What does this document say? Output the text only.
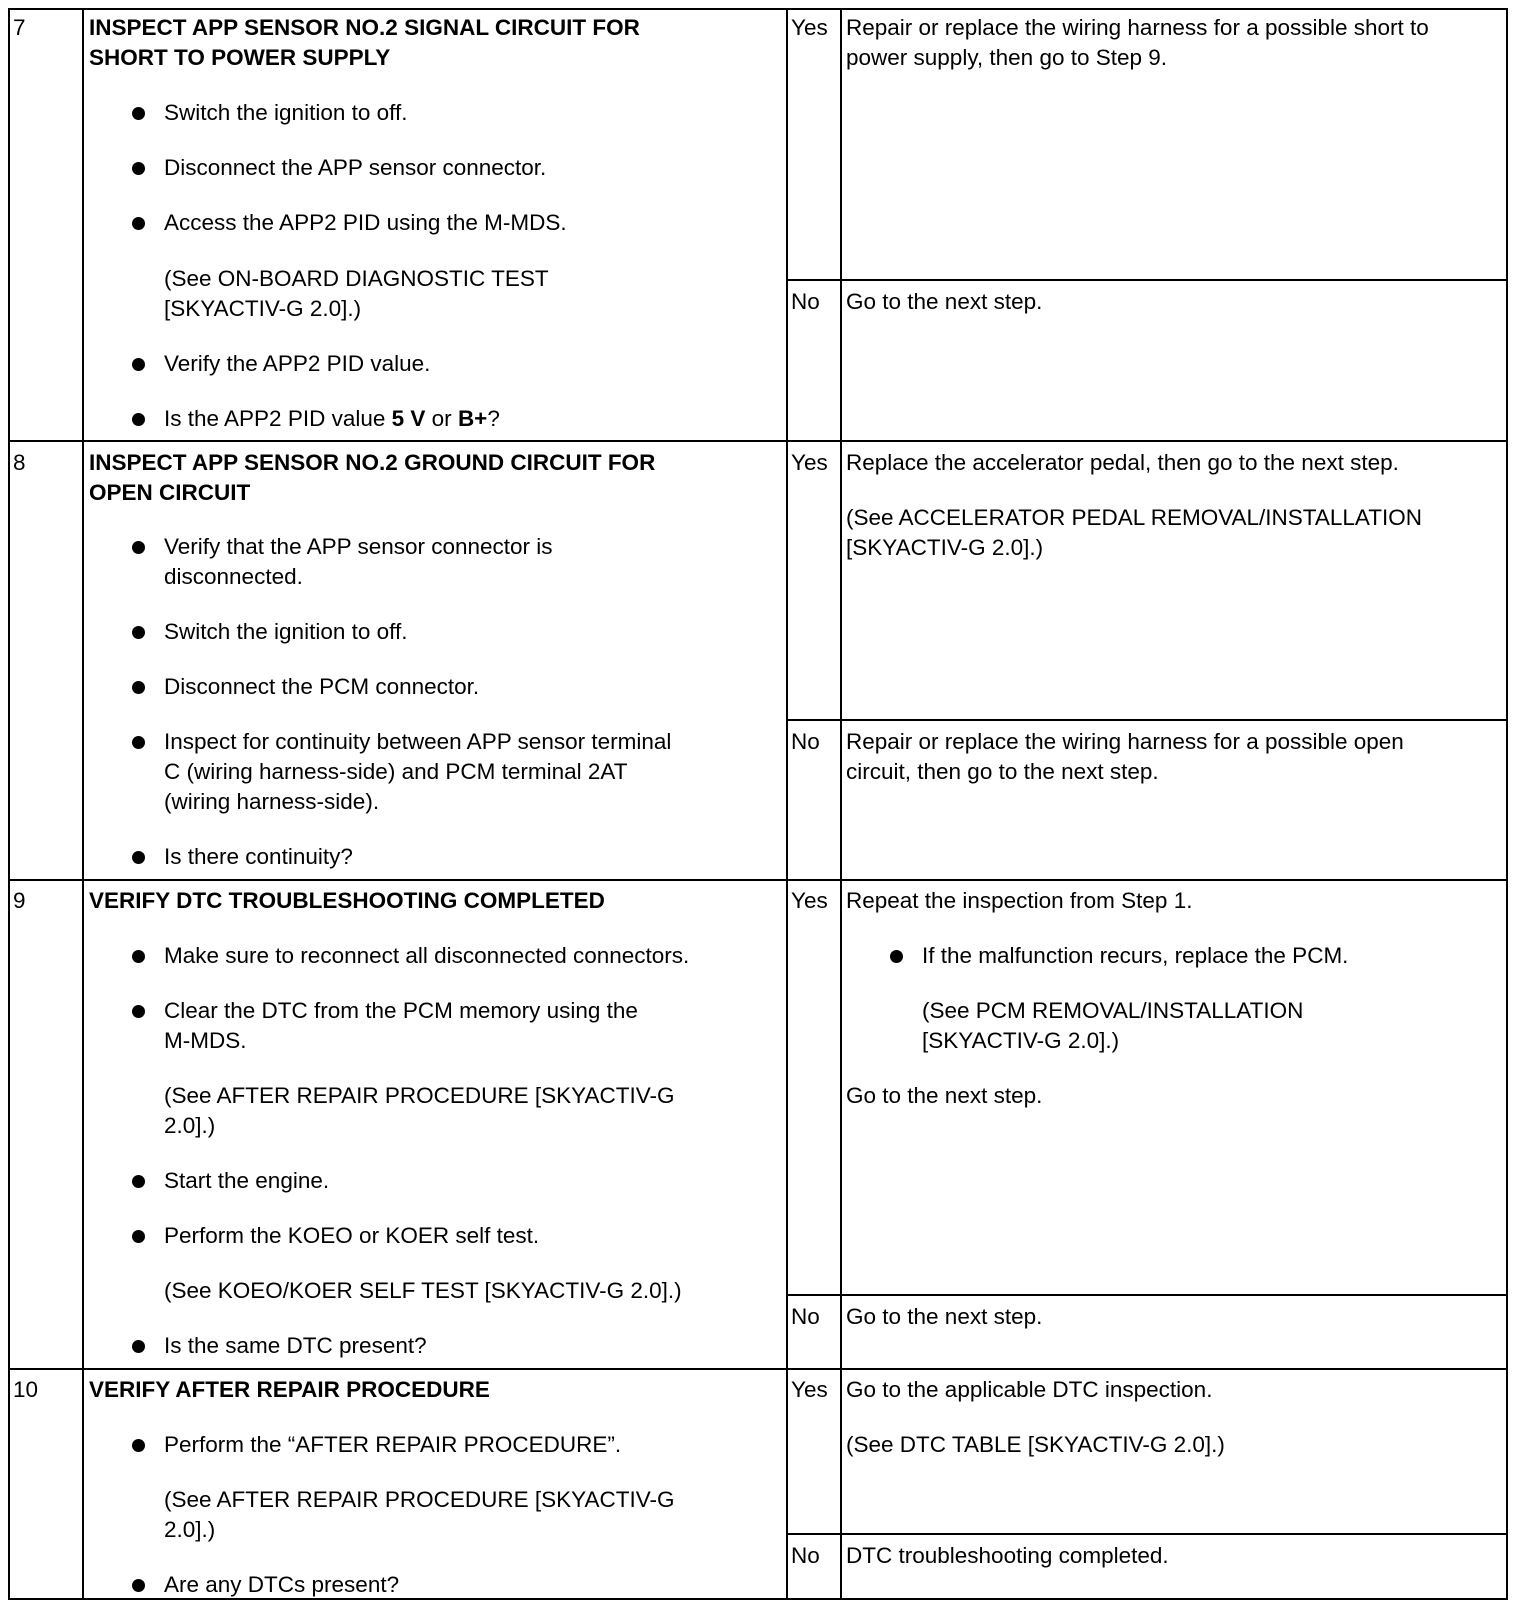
7	INSPECT APP SENSOR NO.2 SIGNAL CIRCUIT FOR
SHORT TO POWER SUPPLY
Switch the ignition to off.
Disconnect the APP sensor connector.
Access the APP2 PID using the M-MDS.
(See ON-BOARD DIAGNOSTIC TEST
[SKYACTIV-G 2.0].)
Verify the APP2 PID value.
Is the APP2 PID value 5 V or B+?
Yes Repair or replace the wiring harness for a possible short to
power supply, then go to Step 9.
No Go to the next step.
8	INSPECT APP SENSOR NO.2 GROUND CIRCUIT FOR
OPEN CIRCUIT
Verify that the APP sensor connector is
disconnected.
Switch the ignition to off.
Disconnect the PCM connector.
Inspect for continuity between APP sensor terminal
C (wiring harness-side) and PCM terminal 2AT
(wiring harness-side).
Is there continuity?
Yes Replace the accelerator pedal, then go to the next step.
(See ACCELERATOR PEDAL REMOVAL/INSTALLATION
[SKYACTIV-G 2.0].)
No Repair or replace the wiring harness for a possible open
circuit, then go to the next step.
9	VERIFY DTC TROUBLESHOOTING COMPLETED
Make sure to reconnect all disconnected connectors.
Clear the DTC from the PCM memory using the
M-MDS.
(See AFTER REPAIR PROCEDURE [SKYACTIV-G
2.0].)
Start the engine.
Perform the KOEO or KOER self test.
(See KOEO/KOER SELF TEST [SKYACTIV-G 2.0].)
Is the same DTC present?
Yes Repeat the inspection from Step 1.
If the malfunction recurs, replace the PCM.
(See PCM REMOVAL/INSTALLATION
[SKYACTIV-G 2.0].)
Go to the next step.
No Go to the next step.
10 VERIFY AFTER REPAIR PROCEDURE
Perform the “AFTER REPAIR PROCEDURE”.
(See AFTER REPAIR PROCEDURE [SKYACTIV-G
2.0].)
Are any DTCs present?
Yes Go to the applicable DTC inspection.
(See DTC TABLE [SKYACTIV-G 2.0].)
No DTC troubleshooting completed.
